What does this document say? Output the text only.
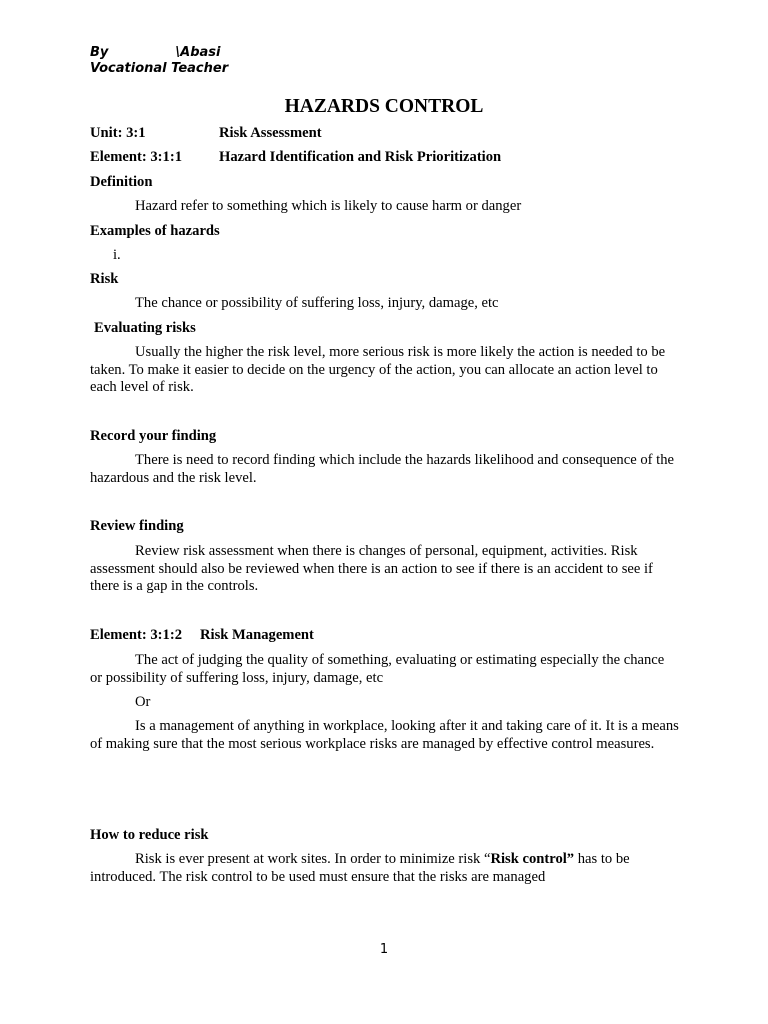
By	\Abasi
Vocational Teacher
HAZARDS CONTROL
Unit: 3:1	Risk Assessment
Element: 3:1:1	Hazard Identification and Risk Prioritization
Definition
Hazard refer to something which is likely to cause harm or danger
Examples of hazards
i.
Risk
The chance or possibility of suffering loss, injury, damage, etc
Evaluating risks

Usually the higher the risk level, more serious risk is more likely the action is needed to be taken. To make it easier to decide on the urgency of the action, you can allocate an action level to each level of risk.

Record your finding

There is need to record finding which include the hazards likelihood and consequence of the hazardous and the risk level.

Review finding

Review risk assessment when there is changes of personal, equipment, activities. Risk assessment should also be reviewed when there is an action to see if there is an accident to see if there is a gap in the controls.

Element: 3:1:2 Risk Management

The act of judging the quality of something, evaluating or estimating especially the chance or possibility of suffering loss, injury, damage, etc

Or

Is a management of anything in workplace, looking after it and taking care of it. It is a means of making sure that the most serious workplace risks are managed by effective control measures.

How to reduce risk

Risk is ever present at work sites. In order to minimize risk “Risk control” has to be introduced. The risk control to be used must ensure that the risks are managed

1
